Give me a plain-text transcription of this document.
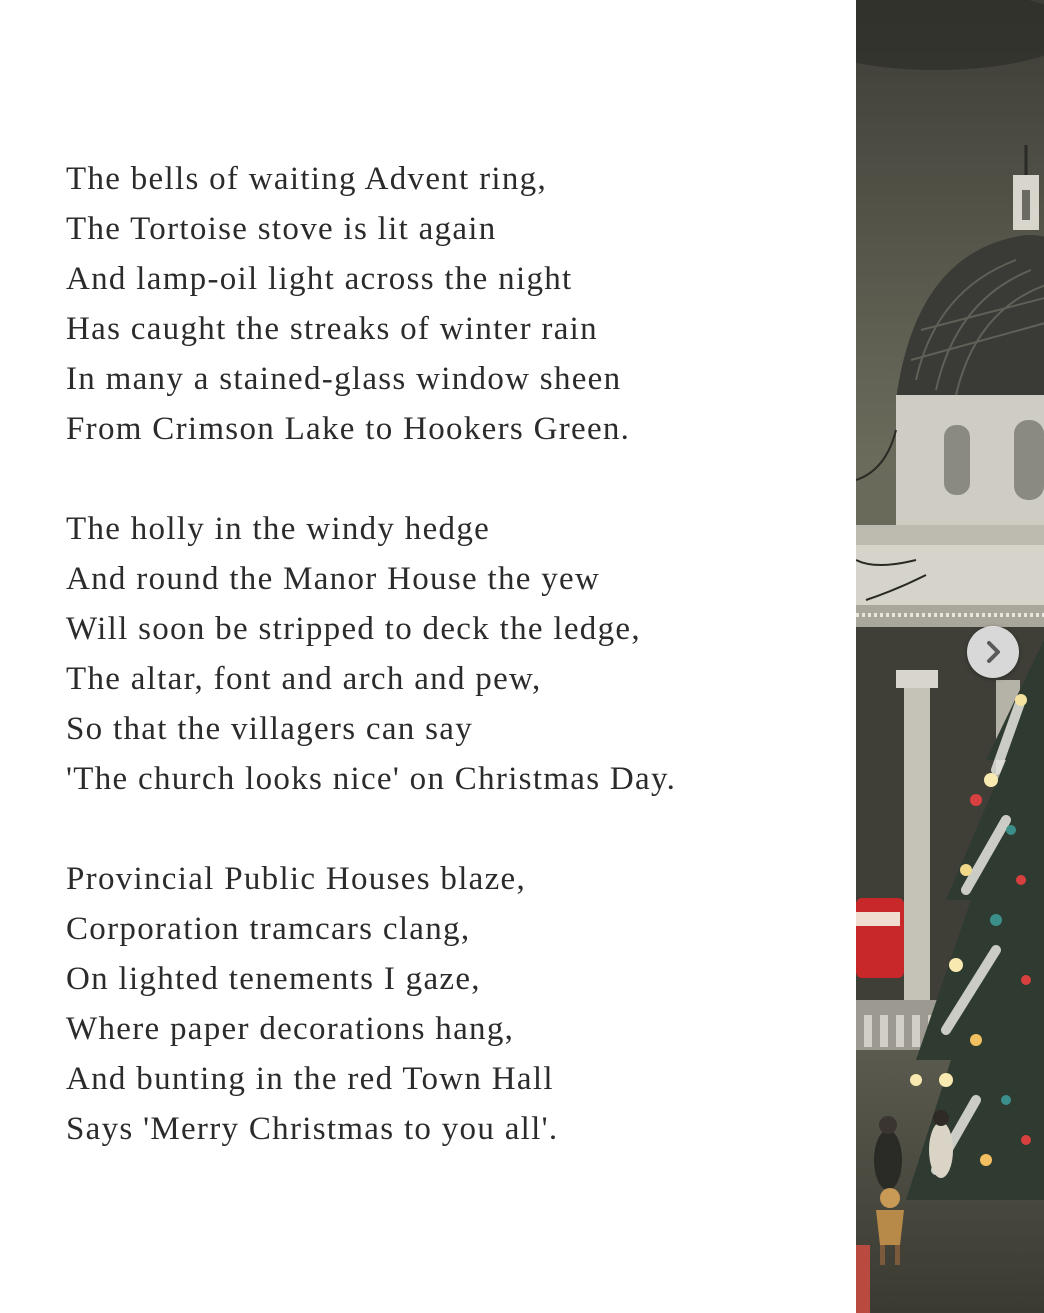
The bells of waiting Advent ring,
The Tortoise stove is lit again
And lamp-oil light across the night
Has caught the streaks of winter rain
In many a stained-glass window sheen
From Crimson Lake to Hookers Green.
The holly in the windy hedge
And round the Manor House the yew
Will soon be stripped to deck the ledge,
The altar, font and arch and pew,
So that the villagers can say
'The church looks nice' on Christmas Day.
Provincial Public Houses blaze,
Corporation tramcars clang,
On lighted tenements I gaze,
Where paper decorations hang,
And bunting in the red Town Hall
Says 'Merry Christmas to you all'.
